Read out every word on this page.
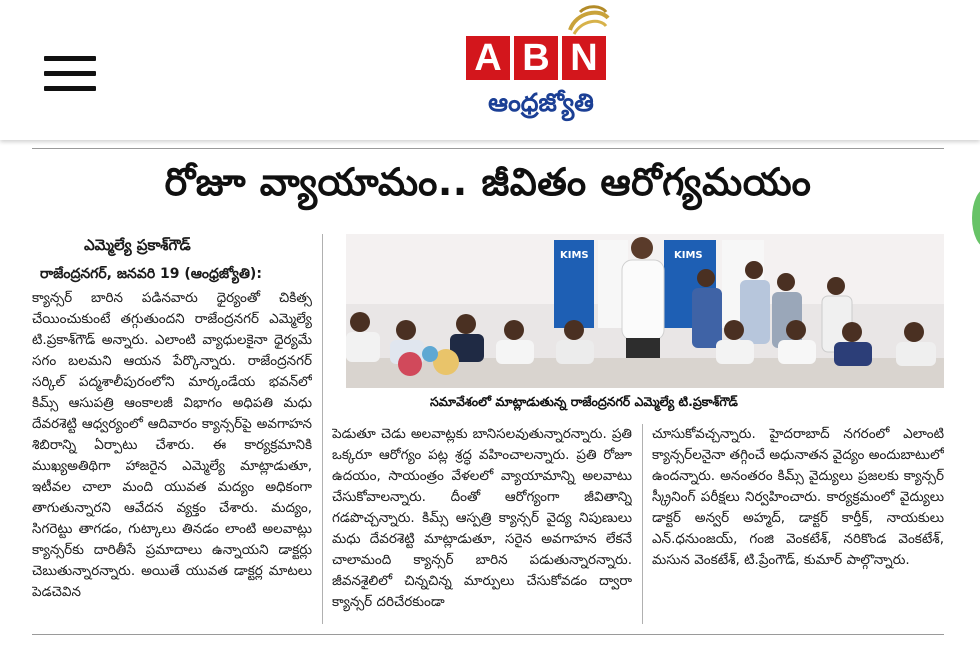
A B N
ఆంధ్రజ్యోతి
రోజూ వ్యాయామం.. జీవితం ఆరోగ్యమయం
ఎమ్మెల్యే ప్రకాశ్‌గౌడ్
రాజేంద్రనగర్, జనవరి 19 (ఆంధ్రజ్యోతి):
క్యాన్సర్ బారిన పడినవారు ధైర్యంతో చికిత్స చేయించుకుంటే తగ్గుతుందని రాజేంద్రనగర్ ఎమ్మెల్యే టి.ప్రకాశ్‌గౌడ్ అన్నారు. ఎలాంటి వ్యాధులకైనా ధైర్యమే సగం బలమని ఆయన పేర్కొన్నారు. రాజేంద్రనగర్ సర్కిల్ పద్మశాలీపురంలోని మార్కండేయ భవన్‌లో కిమ్స్ ఆసుపత్రి ఆంకాలజీ విభాగం అధిపతి మధు దేవరశెట్టి ఆధ్వర్యంలో ఆదివారం క్యాన్సర్‌పై అవగాహన శిబిరాన్ని ఏర్పాటు చేశారు. ఈ కార్యక్రమానికి ముఖ్యఅతిథిగా హాజరైన ఎమ్మెల్యే మాట్లాడుతూ, ఇటీవల చాలా మంది యువత మద్యం అధికంగా తాగుతున్నారని ఆవేదన వ్యక్తం చేశారు. మద్యం, సిగరెట్టు తాగడం, గుట్కాలు తినడం లాంటి అలవాట్లు క్యాన్సర్‌కు దారితీసే ప్రమాదాలు ఉన్నాయని డాక్టర్లు చెబుతున్నారన్నారు. అయితే యువత డాక్టర్ల మాటలు పెడచెవిన
KIMS	KIMS
సమావేశంలో మాట్లాడుతున్న రాజేంద్రనగర్ ఎమ్మెల్యే టి.ప్రకాశ్‌గౌడ్
పెడుతూ చెడు అలవాట్లకు బానిసలవుతున్నారన్నారు. ప్రతి ఒక్కరూ ఆరోగ్యం పట్ల శ్రద్ధ వహించాలన్నారు. ప్రతి రోజూ ఉదయం, సాయంత్రం వేళలలో వ్యాయామాన్ని అలవాటు చేసుకోవాలన్నారు. దీంతో ఆరోగ్యంగా జీవితాన్ని గడపొచ్చన్నారు. కిమ్స్ ఆస్పత్రి క్యాన్సర్ వైద్య నిపుణులు మధు దేవరశెట్టి మాట్లాడుతూ, సరైన అవగాహన లేకనే చాలామంది క్యాన్సర్ బారిన పడుతున్నారన్నారు. జీవనశైలిలో చిన్నచిన్న మార్పులు చేసుకోవడం ద్వారా క్యాన్సర్ దరిచేరకుండా
చూసుకోవచ్చన్నారు. హైదరాబాద్ నగరంలో ఎలాంటి క్యాన్సర్‌లనైనా తగ్గించే అధునాతన వైద్యం అందుబాటులో ఉందన్నారు. అనంతరం కిమ్స్ వైద్యులు ప్రజలకు క్యాన్సర్ స్క్రీనింగ్ పరీక్షలు నిర్వహించారు. కార్యక్రమంలో వైద్యులు డాక్టర్ అన్వర్ అహ్మద్, డాక్టర్ కార్తీక్, నాయకులు ఎన్.ధనుంజయ్, గంజి వెంకటేశ్, నరికొండ వెంకటేశ్, మసున వెంకటేశ్, టి.ప్రేంగౌడ్, కుమార్ పాల్గొన్నారు.
